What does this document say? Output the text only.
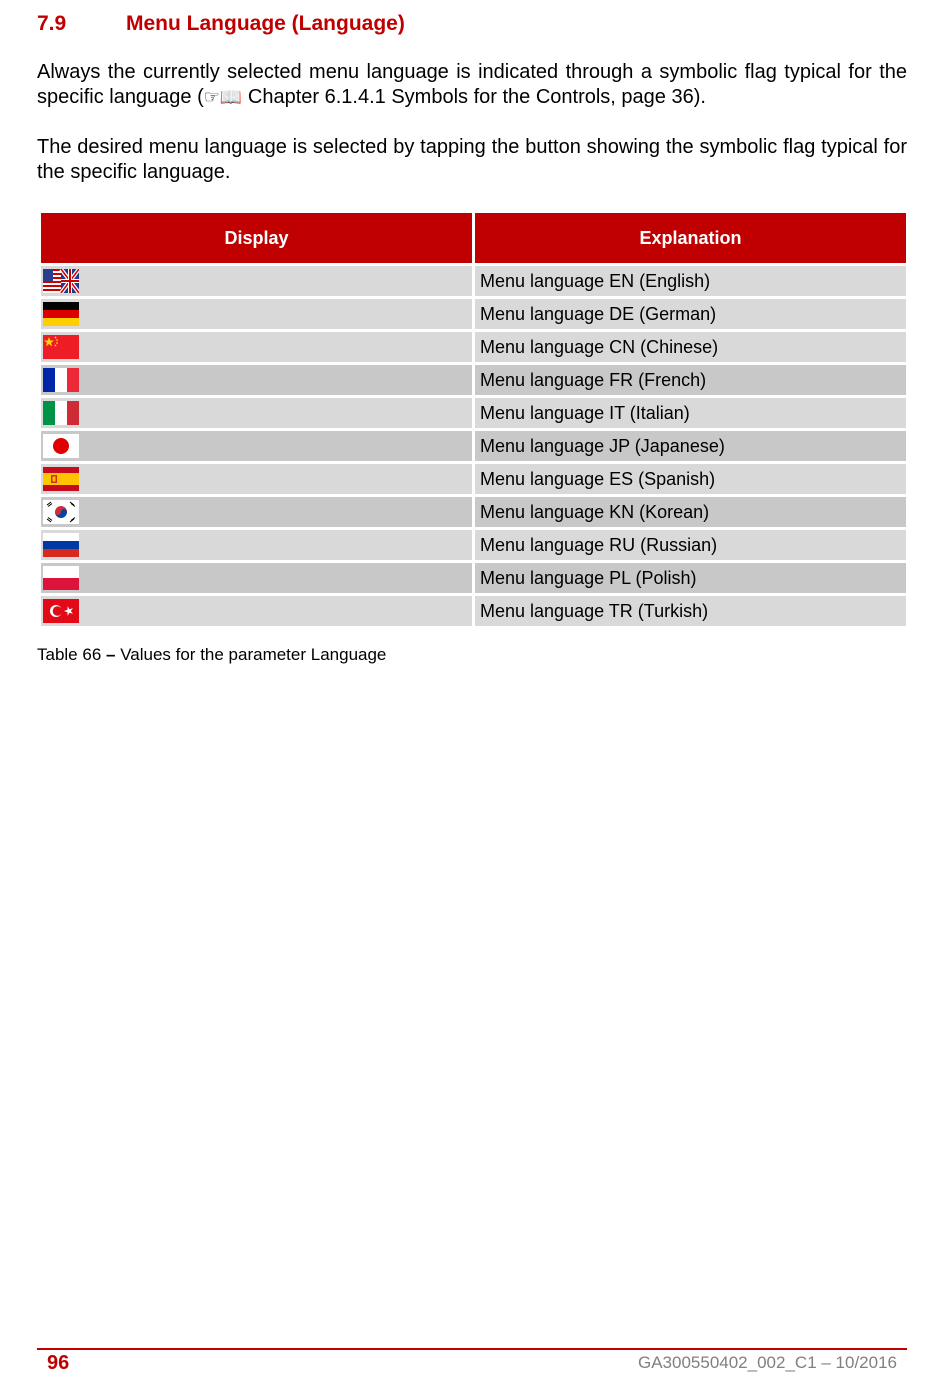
7.9	Menu Language (Language)
Always the currently selected menu language is indicated through a symbolic flag typical for the specific language (☞📖 Chapter 6.1.4.1 Symbols for the Controls, page 36).
The desired menu language is selected by tapping the button showing the symbolic flag typical for the specific language.
Display	Explanation

	Menu language EN (English)

	Menu language DE (German)

	Menu language CN (Chinese)

	Menu language FR (French)

	Menu language IT (Italian)

	Menu language JP (Japanese)

	Menu language ES (Spanish)

	Menu language KN (Korean)

	Menu language RU (Russian)

	Menu language PL (Polish)

	Menu language TR (Turkish)
Table 66 – Values for the parameter Language
96	GA300550402_002_C1 – 10/2016
